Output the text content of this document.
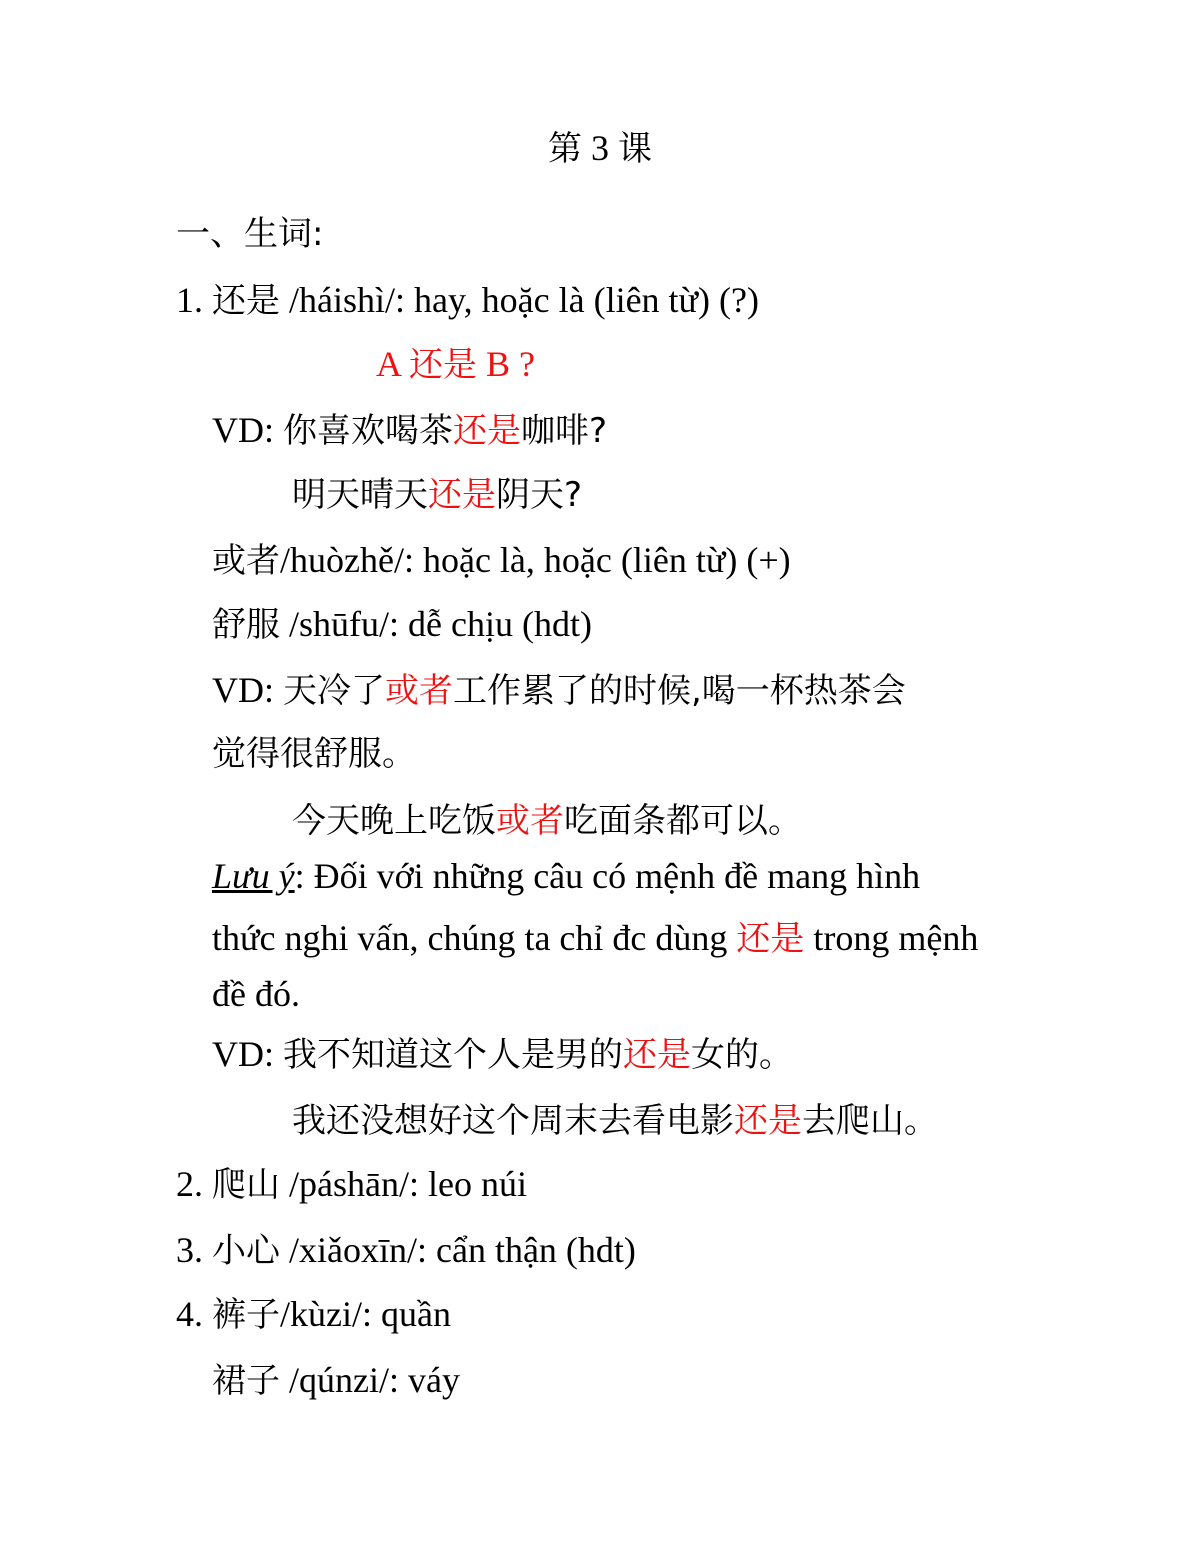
第 3 课
一、生词:
1. 还是 /háishì/: hay, hoặc là (liên từ) (?)
A 还是 B ?
VD: 你喜欢喝茶还是咖啡?
明天晴天还是阴天?
或者/huòzhě/: hoặc là, hoặc (liên từ) (+)
舒服 /shūfu/: dễ chịu (hdt)
VD: 天冷了或者工作累了的时候,喝一杯热茶会
觉得很舒服。
今天晚上吃饭或者吃面条都可以。
Lưu ý: Đối với những câu có mệnh đề mang hình
thức nghi vấn, chúng ta chỉ đc dùng 还是 trong mệnh
đề đó.
VD: 我不知道这个人是男的还是女的。
我还没想好这个周末去看电影还是去爬山。
2. 爬山 /páshān/: leo núi
3. 小心 /xiǎoxīn/: cẩn thận (hdt)
4. 裤子/kùzi/: quần
裙子 /qúnzi/: váy
